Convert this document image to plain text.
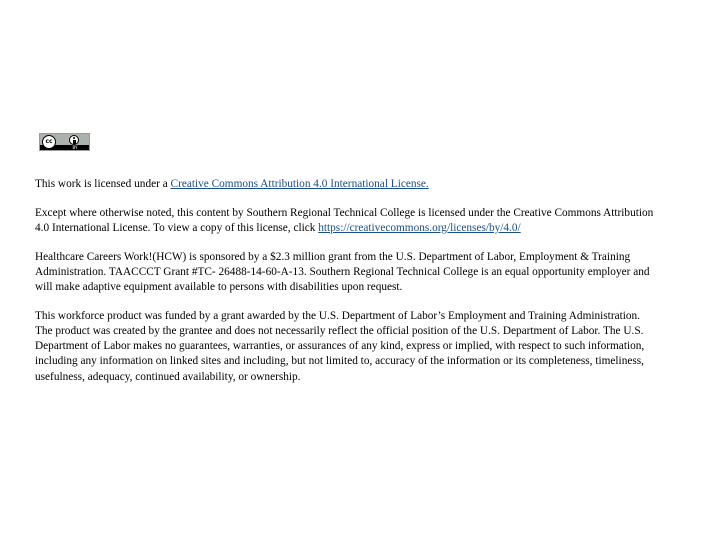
cc
BY

This work is licensed under a Creative Commons Attribution 4.0 International License.

Except where otherwise noted, this content by Southern Regional Technical College is licensed under the Creative Commons Attribution 4.0 International License. To view a copy of this license, click https://creativecommons.org/licenses/by/4.0/

Healthcare Careers Work!(HCW) is sponsored by a $2.3 million grant from the U.S. Department of Labor, Employment & Training Administration. TAACCCT Grant #TC- 26488-14-60-A-13. Southern Regional Technical College is an equal opportunity employer and will make adaptive equipment available to persons with disabilities upon request.

This workforce product was funded by a grant awarded by the U.S. Department of Labor’s Employment and Training Administration. The product was created by the grantee and does not necessarily reflect the official position of the U.S. Department of Labor. The U.S. Department of Labor makes no guarantees, warranties, or assurances of any kind, express or implied, with respect to such information, including any information on linked sites and including, but not limited to, accuracy of the information or its completeness, timeliness, usefulness, adequacy, continued availability, or ownership.
